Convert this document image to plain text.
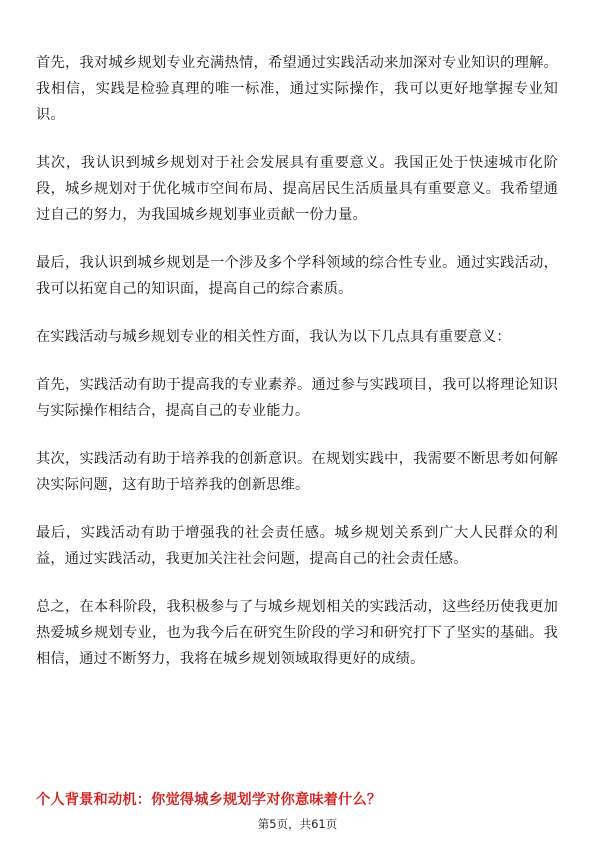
首先，我对城乡规划专业充满热情，希望通过实践活动来加深对专业知识的理解。我相信，实践是检验真理的唯一标准，通过实际操作，我可以更好地掌握专业知识。

其次，我认识到城乡规划对于社会发展具有重要意义。我国正处于快速城市化阶段，城乡规划对于优化城市空间布局、提高居民生活质量具有重要意义。我希望通过自己的努力，为我国城乡规划事业贡献一份力量。

最后，我认识到城乡规划是一个涉及多个学科领域的综合性专业。通过实践活动，我可以拓宽自己的知识面，提高自己的综合素质。

在实践活动与城乡规划专业的相关性方面，我认为以下几点具有重要意义：

首先，实践活动有助于提高我的专业素养。通过参与实践项目，我可以将理论知识与实际操作相结合，提高自己的专业能力。

其次，实践活动有助于培养我的创新意识。在规划实践中，我需要不断思考如何解决实际问题，这有助于培养我的创新思维。

最后，实践活动有助于增强我的社会责任感。城乡规划关系到广大人民群众的利益，通过实践活动，我更加关注社会问题，提高自己的社会责任感。

总之，在本科阶段，我积极参与了与城乡规划相关的实践活动，这些经历使我更加热爱城乡规划专业，也为我今后在研究生阶段的学习和研究打下了坚实的基础。我相信，通过不断努力，我将在城乡规划领域取得更好的成绩。

个人背景和动机：你觉得城乡规划学对你意味着什么？
第5页，共61页
